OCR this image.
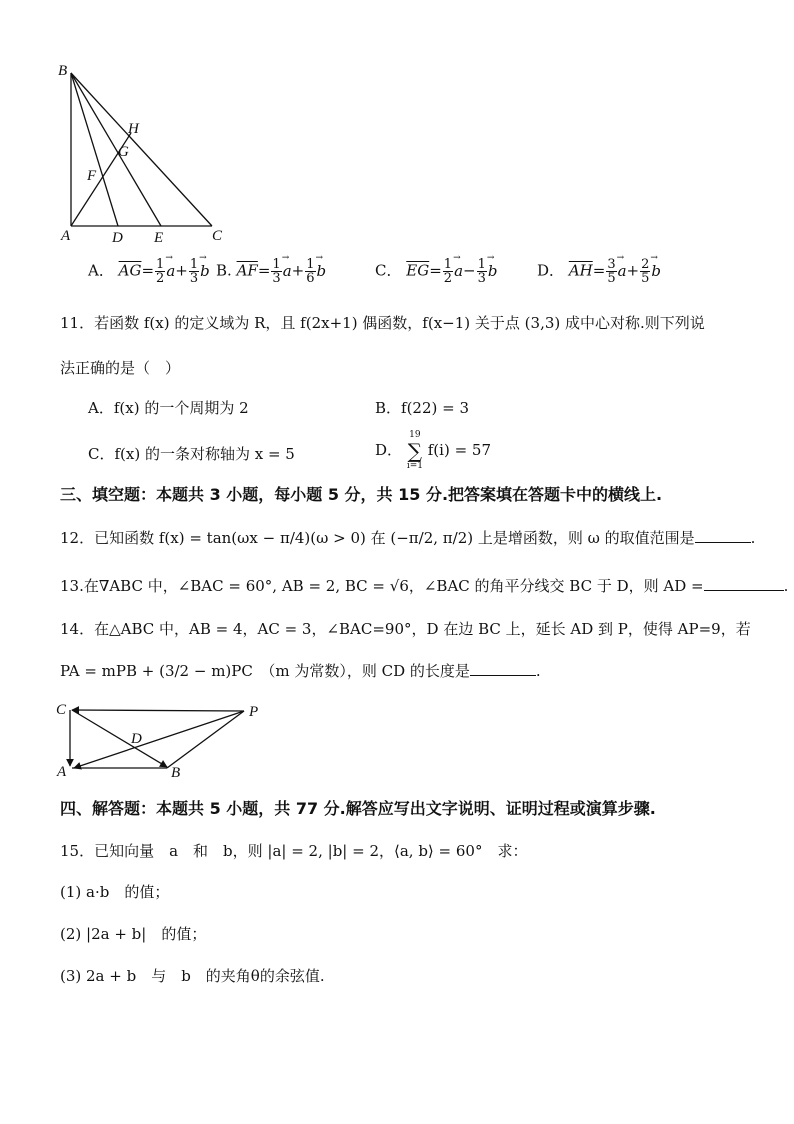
B
H
G
F
A	D E	C
A． $\overline{AG}= \frac{1}{2} \to a+ \frac{1}{3} \to b$ B. $\overline{AF}= \frac{1}{3} \to a+ \frac{1}{6} \to b$	C． $\overline{EG}= \frac{1}{2} \to a- \frac{1}{3} \to b$	D． $\overline{AH}= \frac{3}{5} \to a+ \frac{2}{5} \to b$
11．若函数 f(x) 的定义域为 R，且 f(2x+1) 偶函数，f(x−1) 关于点 (3,3) 成中心对称.则下列说
法正确的是（　）
A．f(x) 的一个周期为 2	B．f(22) = 3
C．f(x) 的一条对称轴为 x = 5	D．
19
∑
i=1
f(i) = 57
三、填空题：本题共 3 小题，每小题 5 分，共 15 分.把答案填在答题卡中的横线上.
12．已知函数 f(x) = tan(ωx − π/4)(ω > 0) 在 (−π/2, π/2) 上是增函数，则 ω 的取值范围是	.
13.在∇ABC 中，∠BAC = 60°, AB = 2, BC = √6，∠BAC 的角平分线交 BC 于 D，则 AD =	.
14．在△ABC 中，AB = 4，AC = 3，∠BAC=90°，D 在边 BC 上，延长 AD 到 P，使得 AP=9，若
PA = mPB + (3/2 − m)PC　（m 为常数），则 CD 的长度是	.
C	P
D
A	B
四、解答题：本题共 5 小题，共 77 分.解答应写出文字说明、证明过程或演算步骤.
15．已知向量　a　和　b，则 |a| = 2, |b| = 2，⟨a, b⟩ = 60°　求：
(1) a·b　的值；
(2) |2a + b|　的值；
(3) 2a + b　与　b　的夹角θ的余弦值.
